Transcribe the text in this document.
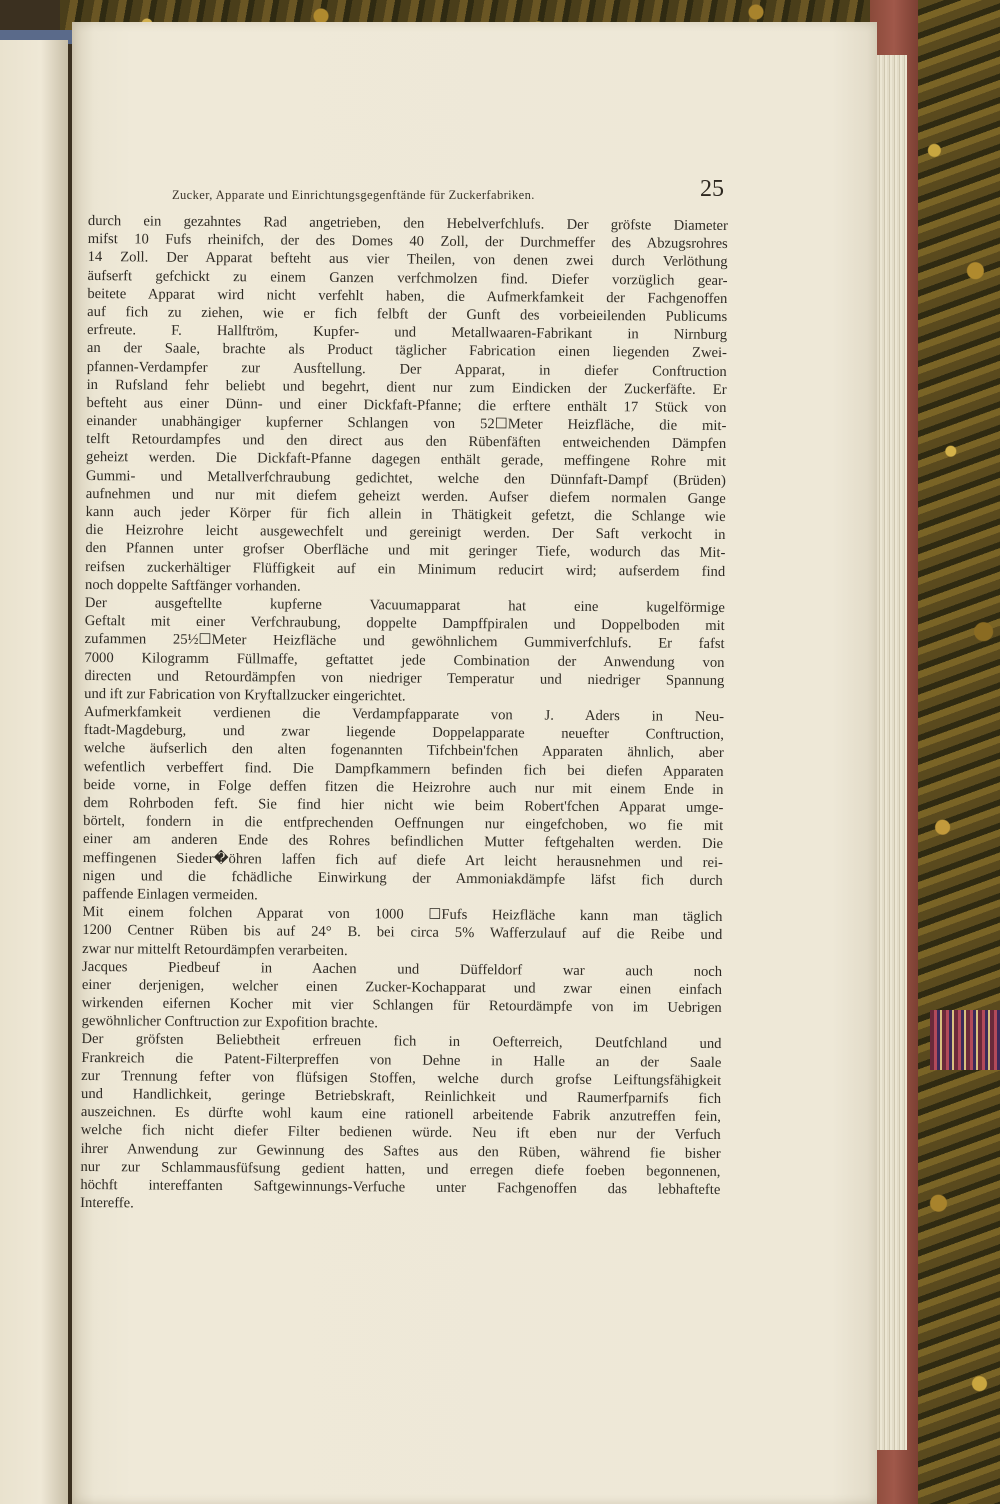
Zucker, Apparate und Einrichtungsgegenftände für Zuckerfabriken.	25
durch ein gezahntes Rad angetrieben, den Hebelverfchlufs. Der gröfste Diameter
mifst 10 Fufs rheinifch, der des Domes 40 Zoll, der Durchmeffer des Abzugsrohres
14 Zoll. Der Apparat befteht aus vier Theilen, von denen zwei durch Verlöthung
äufserft gefchickt zu einem Ganzen verfchmolzen find. Diefer vorzüglich gear-
beitete Apparat wird nicht verfehlt haben, die Aufmerkfamkeit der Fachgenoffen
auf fich zu ziehen, wie er fich felbft der Gunft des vorbeieilenden Publicums
erfreute. F. Hallftröm, Kupfer- und Metallwaaren-Fabrikant in Nirnburg
an der Saale, brachte als Product täglicher Fabrication einen liegenden Zwei-
pfannen-Verdampfer zur Ausftellung. Der Apparat, in diefer Conftruction
in Rufsland fehr beliebt und begehrt, dient nur zum Eindicken der Zuckerfäfte. Er
befteht aus einer Dünn- und einer Dickfaft-Pfanne; die erftere enthält 17 Stück von
einander unabhängiger kupferner Schlangen von 52☐Meter Heizfläche, die mit-
telft Retourdampfes und den direct aus den Rübenfäften entweichenden Dämpfen
geheizt werden. Die Dickfaft-Pfanne dagegen enthält gerade, meffingene Rohre mit
Gummi- und Metallverfchraubung gedichtet, welche den Dünnfaft-Dampf (Brüden)
aufnehmen und nur mit diefem geheizt werden. Aufser diefem normalen Gange
kann auch jeder Körper für fich allein in Thätigkeit gefetzt, die Schlange wie
die Heizrohre leicht ausgewechfelt und gereinigt werden. Der Saft verkocht in
den Pfannen unter grofser Oberfläche und mit geringer Tiefe, wodurch das Mit-
reifsen zuckerhältiger Flüffigkeit auf ein Minimum reducirt wird; aufserdem find
noch doppelte Saftfänger vorhanden.
Der ausgeftellte kupferne Vacuumapparat hat eine kugelförmige
Geftalt mit einer Verfchraubung, doppelte Dampffpiralen und Doppelboden mit
zufammen 25½☐Meter Heizfläche und gewöhnlichem Gummiverfchlufs. Er fafst
7000 Kilogramm Füllmaffe, geftattet jede Combination der Anwendung von
directen und Retourdämpfen von niedriger Temperatur und niedriger Spannung
und ift zur Fabrication von Kryftallzucker eingerichtet.
Aufmerkfamkeit verdienen die Verdampfapparate von J. Aders in Neu-
ftadt-Magdeburg, und zwar liegende Doppelapparate neuefter Conftruction,
welche äufserlich den alten fogenannten Tifchbein'fchen Apparaten ähnlich, aber
wefentlich verbeffert find. Die Dampfkammern befinden fich bei diefen Apparaten
beide vorne, in Folge deffen fitzen die Heizrohre auch nur mit einem Ende in
dem Rohrboden feft. Sie find hier nicht wie beim Robert'fchen Apparat umge-
börtelt, fondern in die entfprechenden Oeffnungen nur eingefchoben, wo fie mit
einer am anderen Ende des Rohres befindlichen Mutter feftgehalten werden. Die
meffingenen Sieder�öhren laffen fich auf diefe Art leicht herausnehmen und rei-
nigen und die fchädliche Einwirkung der Ammoniakdämpfe läfst fich durch
paffende Einlagen vermeiden.
Mit einem folchen Apparat von 1000 ☐Fufs Heizfläche kann man täglich
1200 Centner Rüben bis auf 24° B. bei circa 5% Wafferzulauf auf die Reibe und
zwar nur mittelft Retourdämpfen verarbeiten.
Jacques Piedbeuf in Aachen und Düffeldorf war auch noch
einer derjenigen, welcher einen Zucker-Kochapparat und zwar einen einfach
wirkenden eifernen Kocher mit vier Schlangen für Retourdämpfe von im Uebrigen
gewöhnlicher Conftruction zur Expofition brachte.
Der gröfsten Beliebtheit erfreuen fich in Oefterreich, Deutfchland und
Frankreich die Patent-Filterpreffen von Dehne in Halle an der Saale
zur Trennung fefter von flüfsigen Stoffen, welche durch grofse Leiftungsfähigkeit
und Handlichkeit, geringe Betriebskraft, Reinlichkeit und Raumerfparnifs fich
auszeichnen. Es dürfte wohl kaum eine rationell arbeitende Fabrik anzutreffen fein,
welche fich nicht diefer Filter bedienen würde. Neu ift eben nur der Verfuch
ihrer Anwendung zur Gewinnung des Saftes aus den Rüben, während fie bisher
nur zur Schlammausfüfsung gedient hatten, und erregen diefe foeben begonnenen,
höchft intereffanten Saftgewinnungs-Verfuche unter Fachgenoffen das lebhaftefte
Intereffe.
